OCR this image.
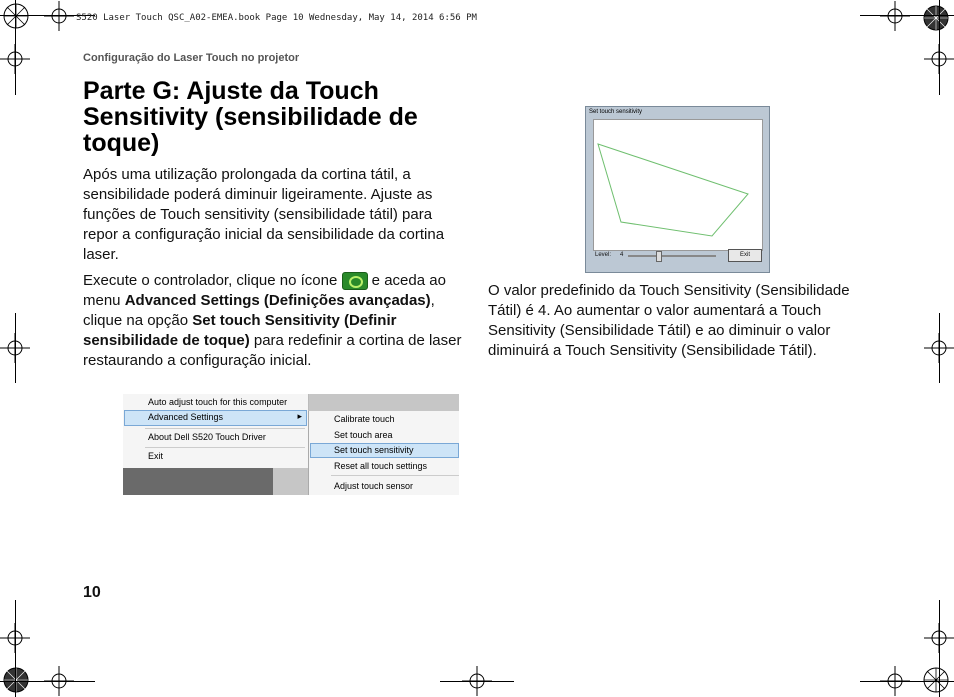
S520 Laser Touch QSC_A02-EMEA.book Page 10 Wednesday, May 14, 2014 6:56 PM
Configuração do Laser Touch no projetor
Parte G: Ajuste da Touch Sensitivity (sensibilidade de toque)
Após uma utilização prolongada da cortina tátil, a sensibilidade poderá diminuir ligeiramente. Ajuste as funções de Touch sensitivity (sensibilidade tátil) para repor a configuração inicial da sensibilidade da cortina laser.
Execute o controlador, clique no ícone  e aceda ao menu Advanced Settings (Definições avançadas), clique na opção Set touch Sensitivity (Definir sensibilidade de toque) para redefinir a cortina de laser restaurando a configuração inicial.
Auto adjust touch for this computer
Advanced Settings	▸
About Dell S520 Touch Driver
Exit
Calibrate touch
Set touch area
Set touch sensitivity
Reset all touch settings
Adjust touch sensor
Set touch sensitivity
Level: 4	Exit
O valor predefinido da Touch Sensitivity (Sensibilidade Tátil) é 4. Ao aumentar o valor aumentará a Touch Sensitivity (Sensibilidade Tátil) e ao diminuir o valor diminuirá a Touch Sensitivity (Sensibilidade Tátil).
10
